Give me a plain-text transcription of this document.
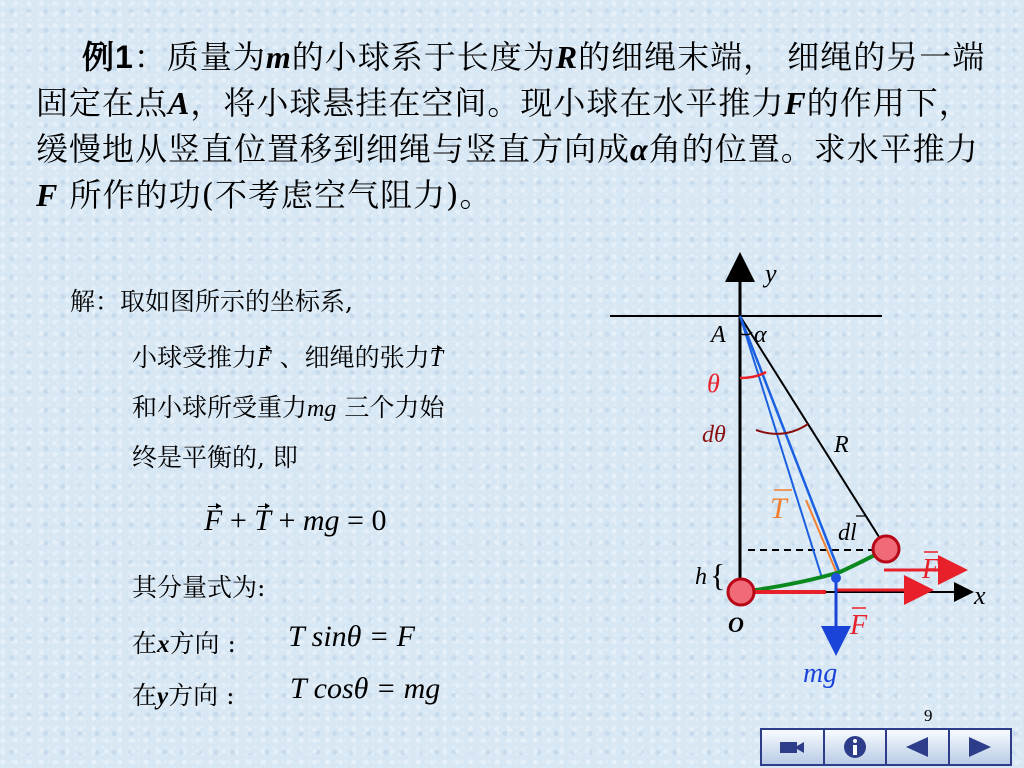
例1：质量为m的小球系于长度为R的细绳末端， 细绳的另一端固定在点A，将小球悬挂在空间。现小球在水平推力F的作用下，缓慢地从竖直位置移到细绳与竖直方向成α角的位置。求水平推力F 所作的功(不考虑空气阻力)。
解：取如图所示的坐标系,
小球受推力F 、细绳的张力T
和小球所受重力mg 三个力始
终是平衡的, 即
F + T + mg = 0
其分量式为:
在x方向 : T sinθ = F
在y方向 : T cosθ = mg
y
A α
θ
dθ	R
T
dl
h {	F
x
F
O
mg
9
